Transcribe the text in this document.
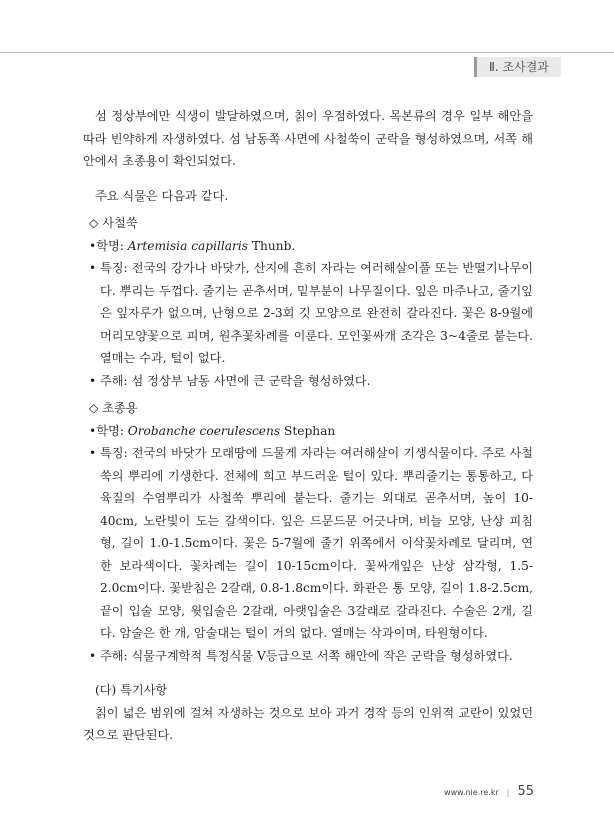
Ⅱ. 조사결과

섬 정상부에만 식생이 발달하였으며, 칡이 우점하였다. 목본류의 경우 일부 해안을 따라 빈약하게 자생하였다. 섬 남동쪽 사면에 사철쑥이 군락을 형성하였으며, 서쪽 해안에서 초종용이 확인되었다.

주요 식물은 다음과 같다.

◇ 사철쑥
•학명: Artemisia capillaris Thunb.
• 특징: 전국의 강가나 바닷가, 산지에 흔히 자라는 여러해살이풀 또는 반떨기나무이다. 뿌리는 두껍다. 줄기는 곧추서며, 밑부분이 나무질이다. 잎은 마주나고, 줄기잎은 잎자루가 없으며, 난형으로 2-3회 깃 모양으로 완전히 갈라진다. 꽃은 8-9월에 머리모양꽃으로 피며, 원추꽃차례를 이룬다. 모인꽃싸개 조각은 3~4줄로 붙는다. 열매는 수과, 털이 없다.
• 주해: 섬 정상부 남동 사면에 큰 군락을 형성하였다.
◇ 초종용
•학명: Orobanche coerulescens Stephan
• 특징: 전국의 바닷가 모래땅에 드물게 자라는 여러해살이 기생식물이다. 주로 사철쑥의 뿌리에 기생한다. 전체에 희고 부드러운 털이 있다. 뿌리줄기는 통통하고, 다육질의 수염뿌리가 사철쑥 뿌리에 붙는다. 줄기는 외대로 곧추서며, 높이 10-40cm, 노란빛이 도는 갈색이다. 잎은 드문드문 어긋나며, 비늘 모양, 난상 피침형, 길이 1.0-1.5cm이다. 꽃은 5-7월에 줄기 위쪽에서 이삭꽃차례로 달리며, 연한 보라색이다. 꽃차례는 길이 10-15cm이다. 꽃싸개잎은 난상 삼각형, 1.5-2.0cm이다. 꽃받침은 2갈래, 0.8-1.8cm이다. 화관은 통 모양, 길이 1.8-2.5cm, 끝이 입술 모양, 윗입술은 2갈래, 아랫입술은 3갈래로 갈라진다. 수술은 2개, 길다. 암술은 한 개, 암술대는 털이 거의 없다. 열매는 삭과이며, 타원형이다.
• 주해: 식물구계학적 특정식물 V등급으로 서쪽 해안에 작은 군락을 형성하였다.

(다) 특기사항

칡이 넓은 범위에 걸쳐 자생하는 것으로 보아 과거 경작 등의 인위적 교란이 있었던 것으로 판단된다.

www.nie.re.kr | 55
